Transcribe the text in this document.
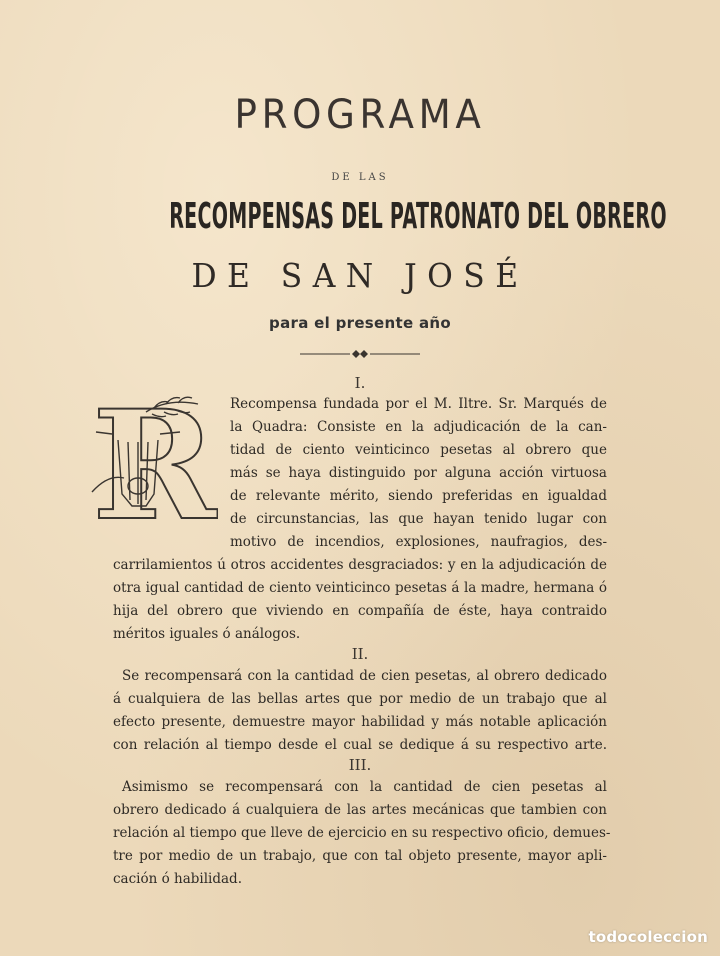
PROGRAMA
DE LAS
RECOMPENSAS DEL PATRONATO DEL OBRERO
DE SAN JOSÉ
para el presente año
I.
R Recompensa fundada por el M. Iltre. Sr. Marqués de
la Quadra: Consiste en la adjudicación de la can-
tidad de ciento veinticinco pesetas al obrero que
más se haya distinguido por alguna acción virtuosa
de relevante mérito, siendo preferidas en igualdad
de circunstancias, las que hayan tenido lugar con
motivo de incendios, explosiones, naufragios, des-
carrilamientos ú otros accidentes desgraciados: y en la adjudicación de
otra igual cantidad de ciento veinticinco pesetas á la madre, hermana ó
hija del obrero que viviendo en compañía de éste, haya contraido
méritos iguales ó análogos.
II.
Se recompensará con la cantidad de cien pesetas, al obrero dedicado
á cualquiera de las bellas artes que por medio de un trabajo que al
efecto presente, demuestre mayor habilidad y más notable aplicación
con relación al tiempo desde el cual se dedique á su respectivo arte.
III.
Asimismo se recompensará con la cantidad de cien pesetas al
obrero dedicado á cualquiera de las artes mecánicas que tambien con
relación al tiempo que lleve de ejercicio en su respectivo oficio, demues-
tre por medio de un trabajo, que con tal objeto presente, mayor apli-
cación ó habilidad.
todocoleccion
